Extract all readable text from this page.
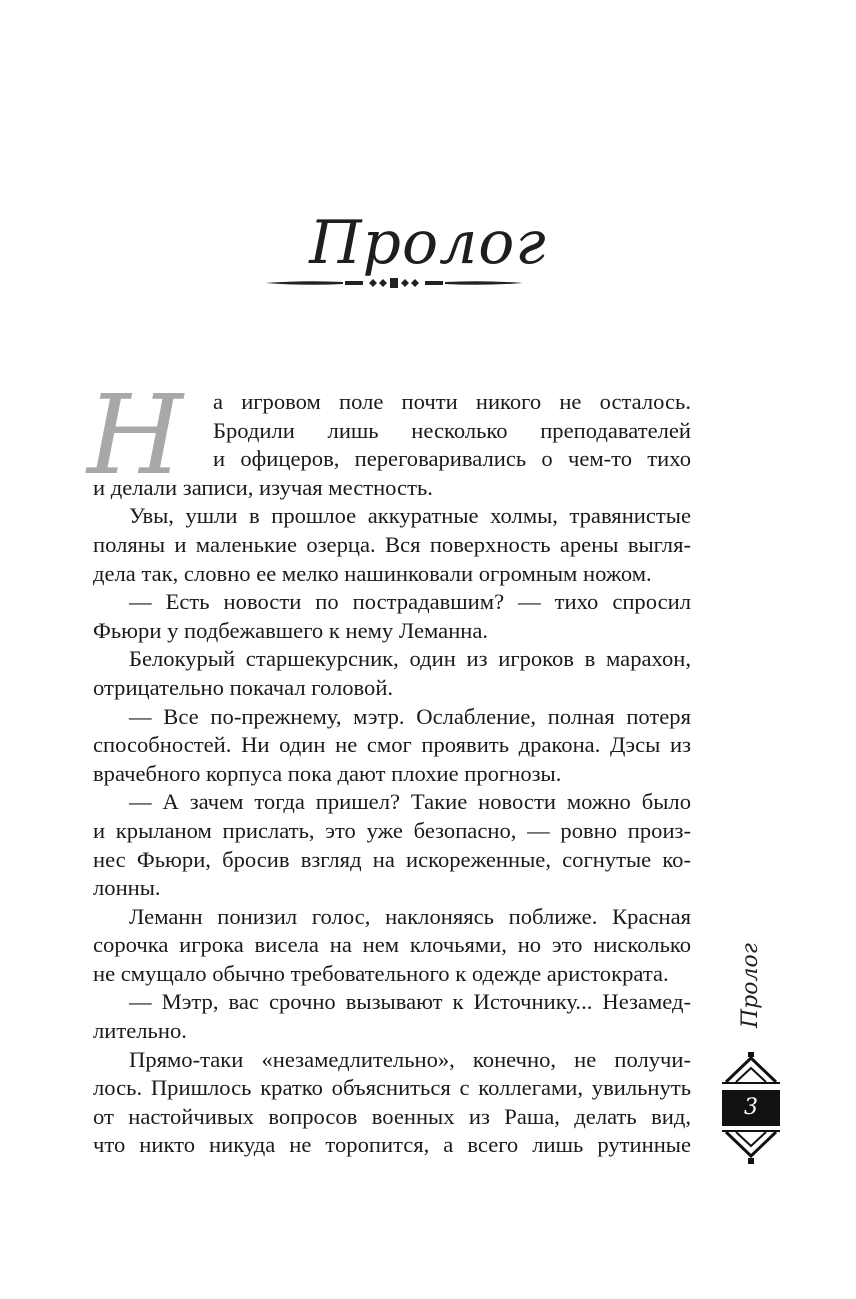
Пролог
Н а игровом поле почти никого не осталось.
Бродили лишь несколько преподавателей
и офицеров, переговаривались о чем-то тихо
и делали записи, изучая местность.
Увы, ушли в прошлое аккуратные холмы, травянистые
поляны и маленькие озерца. Вся поверхность арены выгля-
дела так, словно ее мелко нашинковали огромным ножом.
— Есть новости по пострадавшим? — тихо спросил
Фьюри у подбежавшего к нему Леманна.
Белокурый старшекурсник, один из игроков в марахон,
отрицательно покачал головой.
— Все по-прежнему, мэтр. Ослабление, полная потеря
способностей. Ни один не смог проявить дракона. Дэсы из
врачебного корпуса пока дают плохие прогнозы.
— А зачем тогда пришел? Такие новости можно было
и крыланом прислать, это уже безопасно, — ровно произ-
нес Фьюри, бросив взгляд на искореженные, согнутые ко-
лонны.
Леманн понизил голос, наклоняясь поближе. Красная
сорочка игрока висела на нем клочьями, но это нисколько
не смущало обычно требовательного к одежде аристократа.
— Мэтр, вас срочно вызывают к Источнику... Незамед-
лительно.
Прямо-таки «незамедлительно», конечно, не получи-
лось. Пришлось кратко объясниться с коллегами, увильнуть
от настойчивых вопросов военных из Раша, делать вид,
что никто никуда не торопится, а всего лишь рутинные
Пролог
3
